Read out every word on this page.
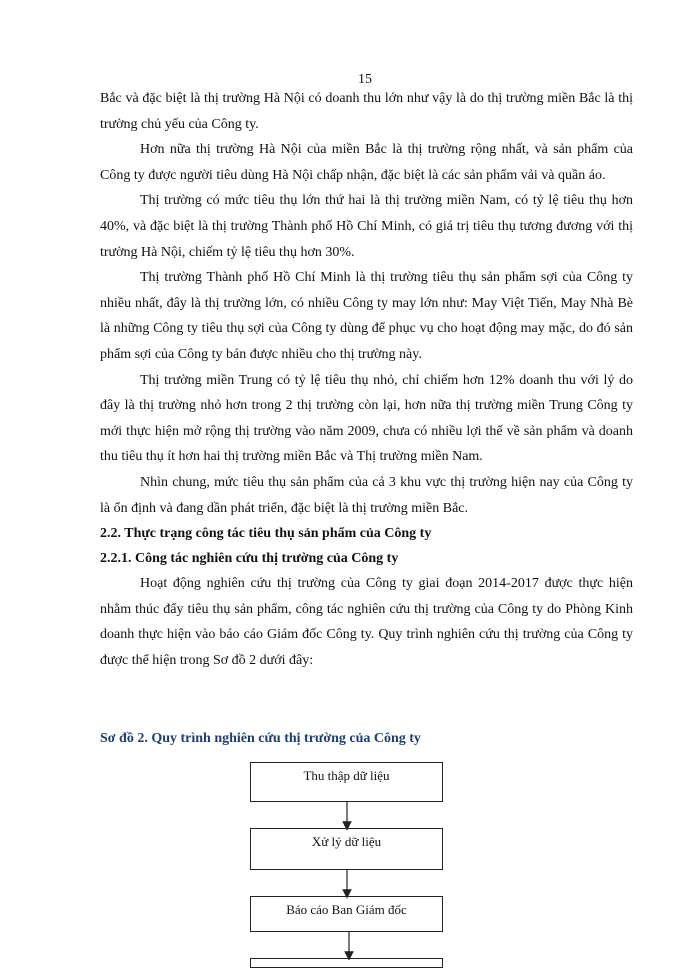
15

Bắc và đặc biệt là thị trường Hà Nội có doanh thu lớn như vậy là do thị trường miền Bắc là thị trường chủ yếu của Công ty.

Hơn nữa thị trường Hà Nội của miền Bắc là thị trường rộng nhất, và sản phẩm của Công ty được người tiêu dùng Hà Nội chấp nhận, đặc biệt là các sản phẩm vải và quần áo.

Thị trường có mức tiêu thụ lớn thứ hai là thị trường miền Nam, có tỷ lệ tiêu thụ hơn 40%, và đặc biệt là thị trường Thành phố Hồ Chí Minh, có giá trị tiêu thụ tương đương với thị trường Hà Nội, chiếm tỷ lệ tiêu thụ hơn 30%.

Thị trường Thành phố Hồ Chí Minh là thị trường tiêu thụ sản phẩm sợi của Công ty nhiều nhất, đây là thị trường lớn, có nhiều Công ty may lớn như: May Việt Tiến, May Nhà Bè là những Công ty tiêu thụ sợi của Công ty dùng để phục vụ cho hoạt động may mặc, do đó sản phẩm sợi của Công ty bán được nhiều cho thị trường này.

Thị trường miền Trung có tỷ lệ tiêu thụ nhỏ, chỉ chiếm hơn 12% doanh thu với lý do đây là thị trường nhỏ hơn trong 2 thị trường còn lại, hơn nữa thị trường miền Trung Công ty mới thực hiện mở rộng thị trường vào năm 2009, chưa có nhiều lợi thế về sản phẩm và doanh thu tiêu thụ ít hơn hai thị trường miền Bắc và Thị trường miền Nam.

Nhìn chung, mức tiêu thụ sản phẩm của cả 3 khu vực thị trường hiện nay của Công ty là ổn định và đang dần phát triển, đặc biệt là thị trường miền Bắc.

2.2. Thực trạng công tác tiêu thụ sản phẩm của Công ty
2.2.1. Công tác nghiên cứu thị trường của Công ty

Hoạt động nghiên cứu thị trường của Công ty giai đoạn 2014-2017 được thực hiện nhằm thúc đẩy tiêu thụ sản phẩm, công tác nghiên cứu thị trường của Công ty do Phòng Kinh doanh thực hiện vào báo cáo Giám đốc Công ty. Quy trình nghiên cứu thị trường của Công ty được thể hiện trong Sơ đồ 2 dưới đây:

Sơ đồ 2. Quy trình nghiên cứu thị trường của Công ty

Thu thập dữ liệu
Xử lý dữ liệu
Báo cáo Ban Giám đốc
